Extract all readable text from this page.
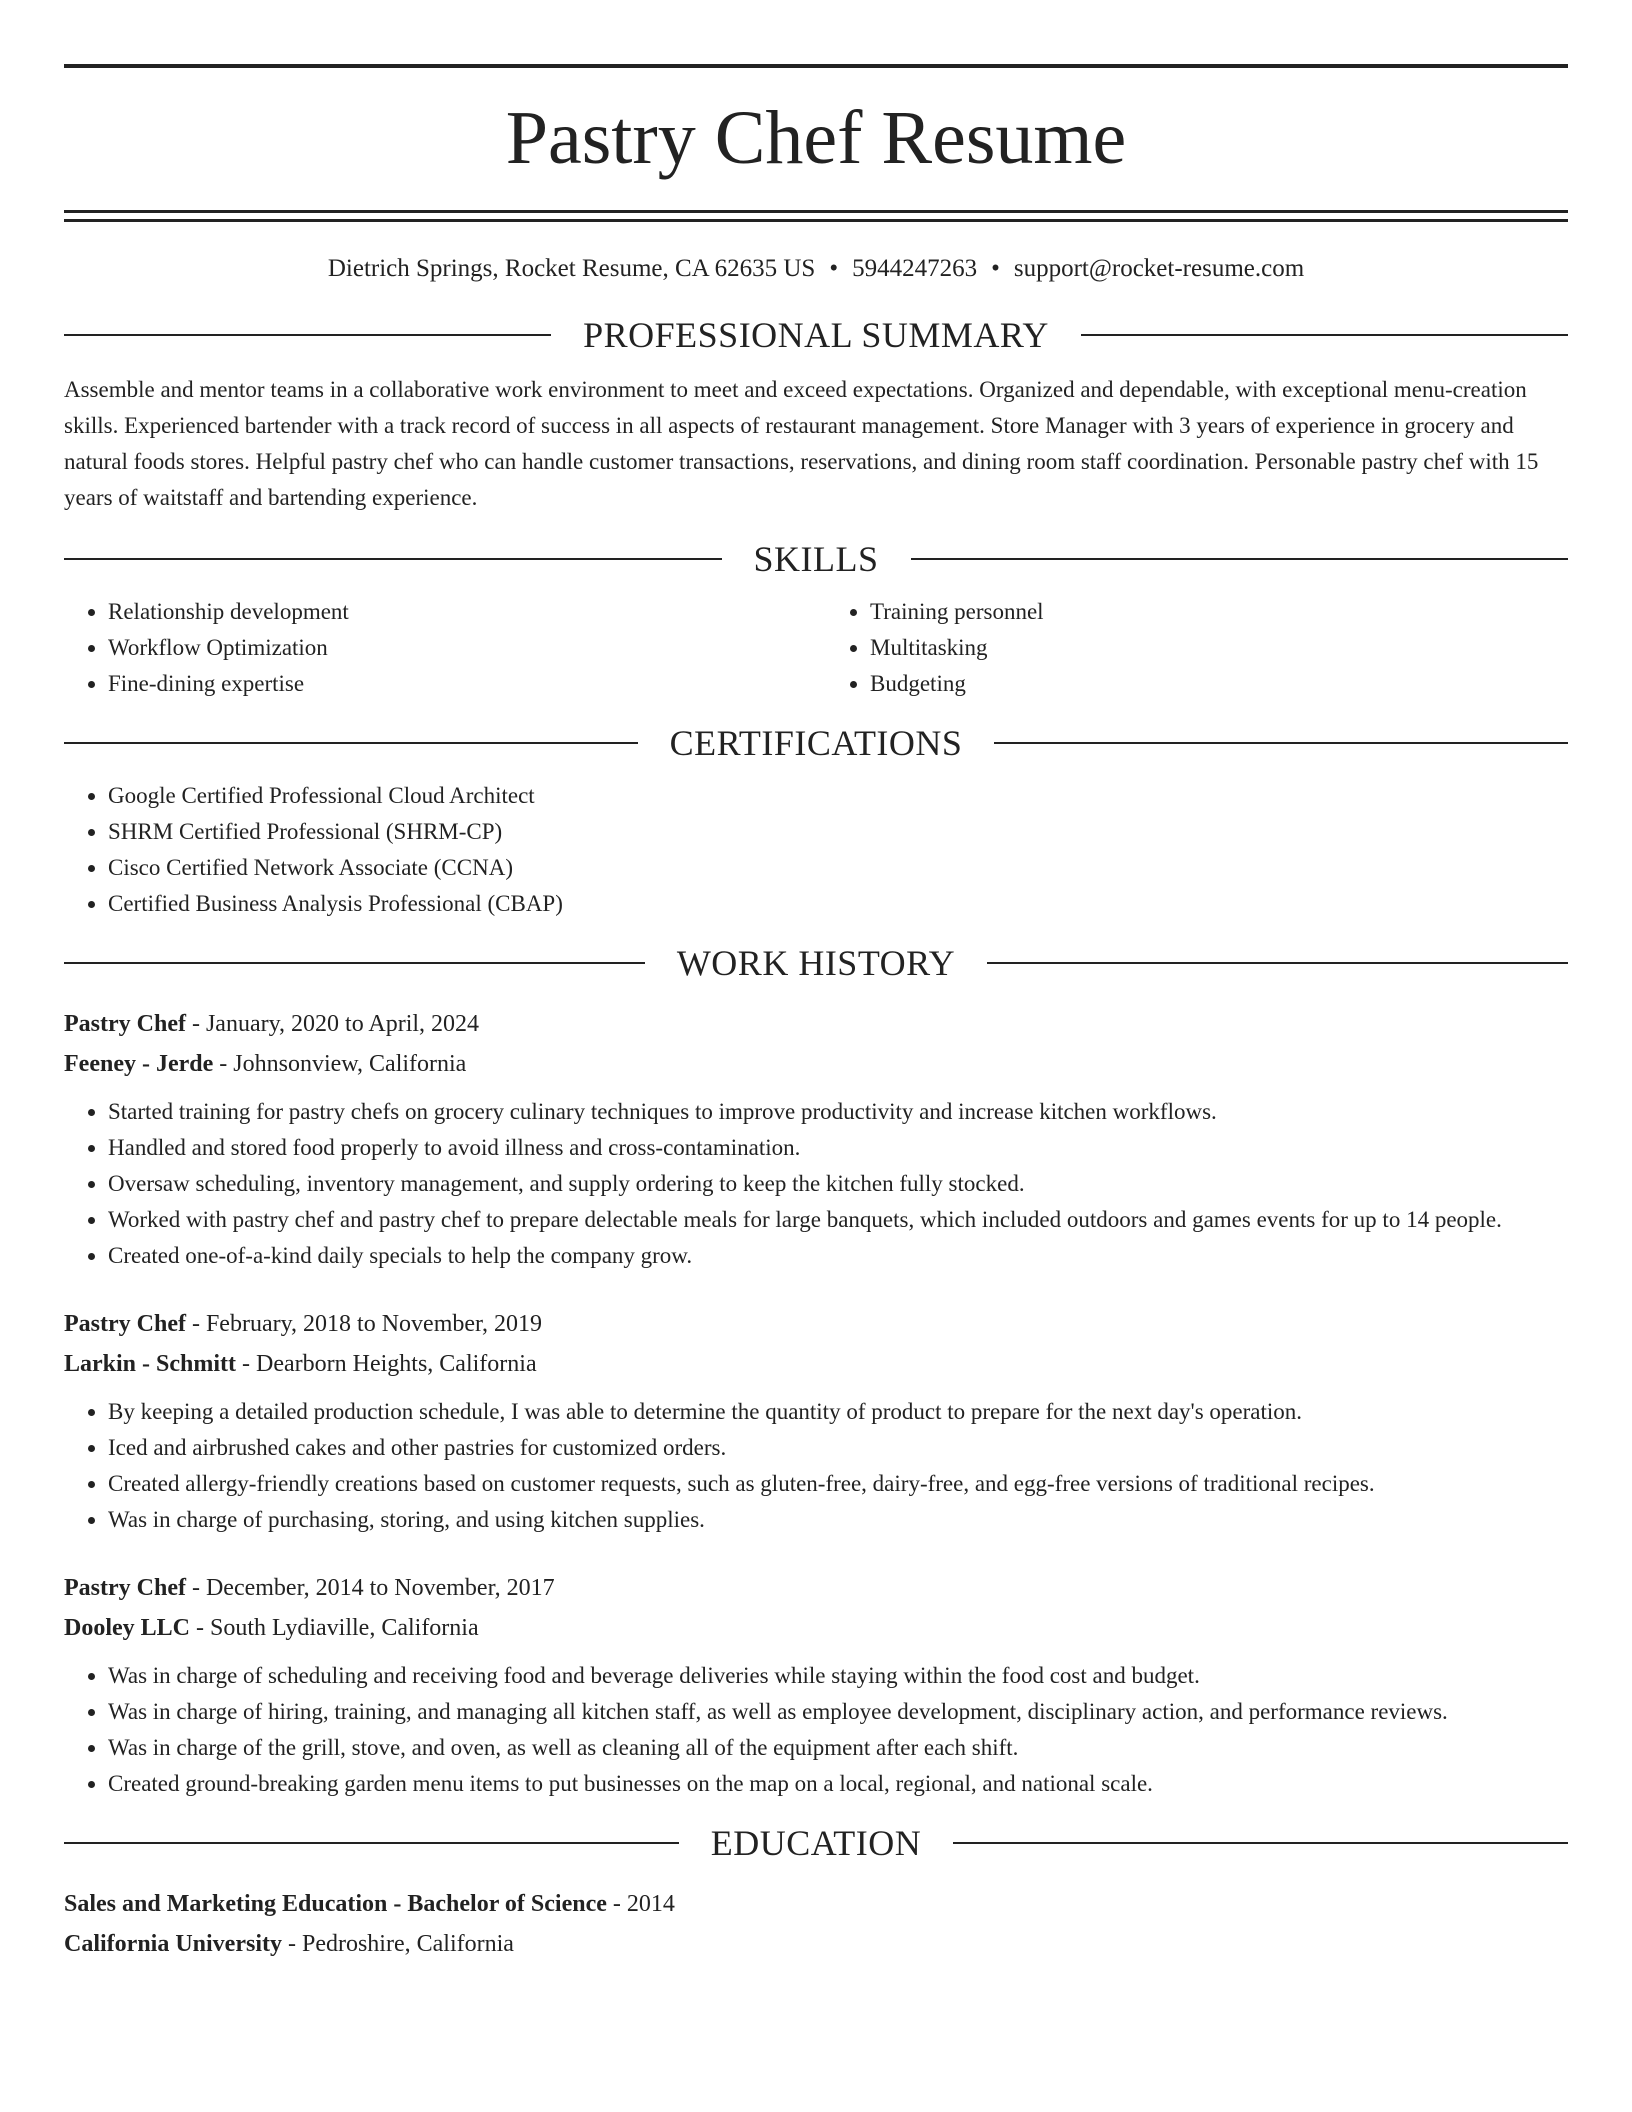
Pastry Chef Resume
Dietrich Springs, Rocket Resume, CA 62635 US • 5944247263 • support@rocket-resume.com
PROFESSIONAL SUMMARY

Assemble and mentor teams in a collaborative work environment to meet and exceed expectations. Organized and dependable, with exceptional menu-creation skills. Experienced bartender with a track record of success in all aspects of restaurant management. Store Manager with 3 years of experience in grocery and natural foods stores. Helpful pastry chef who can handle customer transactions, reservations, and dining room staff coordination. Personable pastry chef with 15 years of waitstaff and bartending experience.

SKILLS
• Relationship development
• Workflow Optimization
• Fine-dining expertise
• Training personnel
• Multitasking
• Budgeting
CERTIFICATIONS
• Google Certified Professional Cloud Architect
• SHRM Certified Professional (SHRM-CP)
• Cisco Certified Network Associate (CCNA)
• Certified Business Analysis Professional (CBAP)
WORK HISTORY

Pastry Chef - January, 2020 to April, 2024

Feeney - Jerde - Johnsonview, California

• Started training for pastry chefs on grocery culinary techniques to improve productivity and increase kitchen workflows.
• Handled and stored food properly to avoid illness and cross-contamination.
• Oversaw scheduling, inventory management, and supply ordering to keep the kitchen fully stocked.
• Worked with pastry chef and pastry chef to prepare delectable meals for large banquets, which included outdoors and games events for up to 14 people.
• Created one-of-a-kind daily specials to help the company grow.

Pastry Chef - February, 2018 to November, 2019

Larkin - Schmitt - Dearborn Heights, California

• By keeping a detailed production schedule, I was able to determine the quantity of product to prepare for the next day's operation.
• Iced and airbrushed cakes and other pastries for customized orders.
• Created allergy-friendly creations based on customer requests, such as gluten-free, dairy-free, and egg-free versions of traditional recipes.
• Was in charge of purchasing, storing, and using kitchen supplies.

Pastry Chef - December, 2014 to November, 2017

Dooley LLC - South Lydiaville, California

• Was in charge of scheduling and receiving food and beverage deliveries while staying within the food cost and budget.
• Was in charge of hiring, training, and managing all kitchen staff, as well as employee development, disciplinary action, and performance reviews.
• Was in charge of the grill, stove, and oven, as well as cleaning all of the equipment after each shift.
• Created ground-breaking garden menu items to put businesses on the map on a local, regional, and national scale.
EDUCATION

Sales and Marketing Education - Bachelor of Science - 2014

California University - Pedroshire, California
